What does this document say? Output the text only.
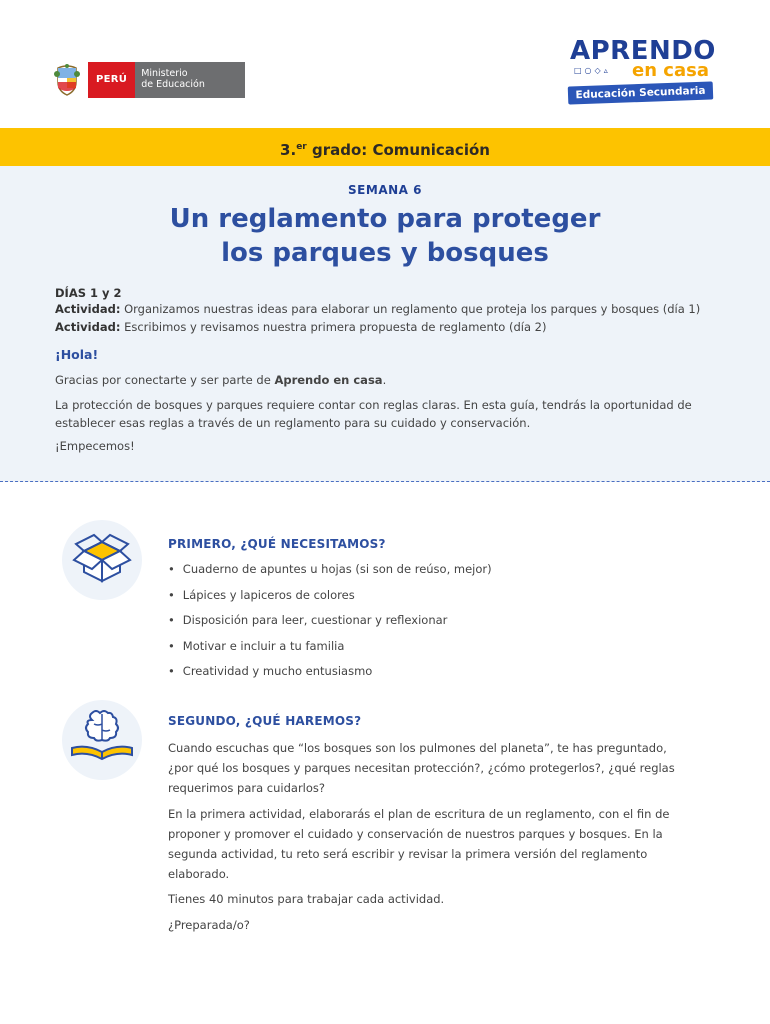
PERÚ
Ministerio
de Educación
APRENDO
□○◇▵ en casa
Educación Secundaria
3.$^{er}$ grado: Comunicación
SEMANA 6
Un reglamento para proteger
los parques y bosques
DÍAS 1 y 2
Actividad: Organizamos nuestras ideas para elaborar un reglamento que proteja los parques y bosques (día 1)
Actividad: Escribimos y revisamos nuestra primera propuesta de reglamento (día 2)
¡Hola!
Gracias por conectarte y ser parte de Aprendo en casa.
La protección de bosques y parques requiere contar con reglas claras. En esta guía, tendrás la oportunidad de establecer esas reglas a través de un reglamento para su cuidado y conservación.
¡Empecemos!
PRIMERO, ¿QUÉ NECESITAMOS?
• Cuaderno de apuntes u hojas (si son de reúso, mejor)
• Lápices y lapiceros de colores
• Disposición para leer, cuestionar y reflexionar
• Motivar e incluir a tu familia
• Creatividad y mucho entusiasmo
SEGUNDO, ¿QUÉ HAREMOS?
Cuando escuchas que “los bosques son los pulmones del planeta”, te has preguntado, ¿por qué los bosques y parques necesitan protección?, ¿cómo protegerlos?, ¿qué reglas requerimos para cuidarlos?
En la primera actividad, elaborarás el plan de escritura de un reglamento, con el fin de proponer y promover el cuidado y conservación de nuestros parques y bosques. En la segunda actividad, tu reto será escribir y revisar la primera versión del reglamento elaborado.
Tienes 40 minutos para trabajar cada actividad.
¿Preparada/o?
